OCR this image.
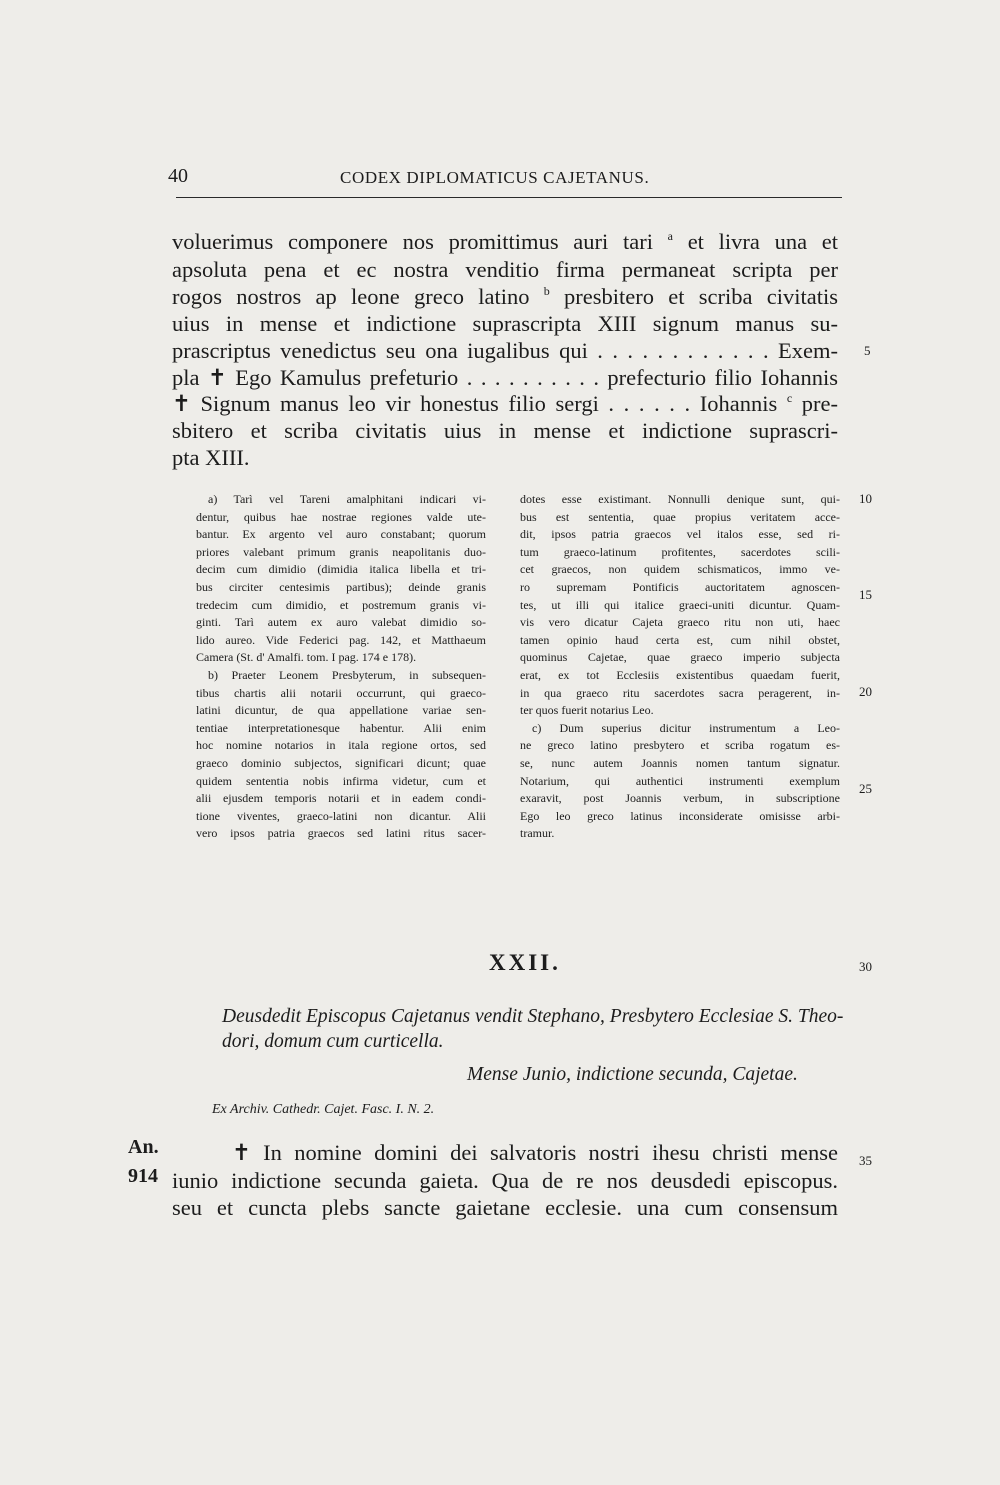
40	CODEX DIPLOMATICUS CAJETANUS.
voluerimus componere nos promittimus auri tari $^a$ et livra una et
apsoluta pena et ec nostra venditio firma permaneat scripta per
rogos nostros ap leone greco latino $^b$ presbitero et scriba civitatis
uius in mense et indictione suprascripta XIII signum manus su-
prascriptus venedictus seu ona iugalibus qui . . . . . . . . . . . . Exem-
pla ✝ Ego Kamulus prefeturio . . . . . . . . . . prefecturio filio Iohannis
✝ Signum manus leo vir honestus filio sergi . . . . . . Iohannis $^c$ pre-
sbitero et scriba civitatis uius in mense et indictione suprascri-
pta XIII.
5
10
15
20
25
30
35
a) Tarì vel Tareni amalphitani indicari vi-
dentur, quibus hae nostrae regiones valde ute-
bantur. Ex argento vel auro constabant; quorum
priores valebant primum granis neapolitanis duo-
decim cum dimidio (dimidia italica libella et tri-
bus circiter centesimis partibus); deinde granis
tredecim cum dimidio, et postremum granis vi-
ginti. Tarì autem ex auro valebat dimidio so-
lido aureo. Vide Federici pag. 142, et Matthaeum
Camera (St. d' Amalfi. tom. I pag. 174 e 178).
b) Praeter Leonem Presbyterum, in subsequen-
tibus chartis alii notarii occurrunt, qui graeco-
latini dicuntur, de qua appellatione variae sen-
tentiae interpretationesque habentur. Alii enim
hoc nomine notarios in itala regione ortos, sed
graeco dominio subjectos, significari dicunt; quae
quidem sententia nobis infirma videtur, cum et
alii ejusdem temporis notarii et in eadem condi-
tione viventes, graeco-latini non dicantur. Alii
vero ipsos patria graecos sed latini ritus sacer-
dotes esse existimant. Nonnulli denique sunt, qui-
bus est sententia, quae propius veritatem acce-
dit, ipsos patria graecos vel italos esse, sed ri-
tum graeco-latinum profitentes, sacerdotes scili-
cet graecos, non quidem schismaticos, immo ve-
ro supremam Pontificis auctoritatem agnoscen-
tes, ut illi qui italice graeci-uniti dicuntur. Quam-
vis vero dicatur Cajeta graeco ritu non uti, haec
tamen opinio haud certa est, cum nihil obstet,
quominus Cajetae, quae graeco imperio subjecta
erat, ex tot Ecclesiis existentibus quaedam fuerit,
in qua graeco ritu sacerdotes sacra peragerent, in-
ter quos fuerit notarius Leo.
c) Dum superius dicitur instrumentum a Leo-
ne greco latino presbytero et scriba rogatum es-
se, nunc autem Joannis nomen tantum signatur.
Notarium, qui authentici instrumenti exemplum
exaravit, post Joannis verbum, in subscriptione
Ego leo greco latinus inconsiderate omisisse arbi-
tramur.
XXII.
Deusdedit Episcopus Cajetanus vendit Stephano, Presbytero Ecclesiae S. Theo-
dori, domum cum curticella.
Mense Junio, indictione secunda, Cajetae.
Ex Archiv. Cathedr. Cajet. Fasc. I. N. 2.
An.
914
✝ In nomine domini dei salvatoris nostri ihesu christi mense
iunio indictione secunda gaieta. Qua de re nos deusdedi episcopus.
seu et cuncta plebs sancte gaietane ecclesie. una cum consensum
